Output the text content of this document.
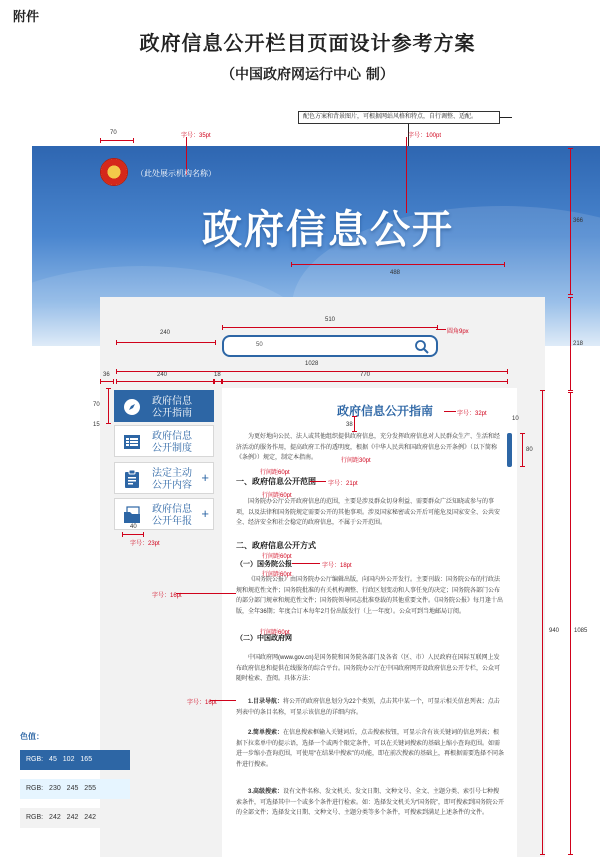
附件
政府信息公开栏目页面设计参考方案
（中国政府网运行中心 制）
配色方案和背景图片，可根据网站风格和特点，自行调整、适配。
（此处展示机构名称）
政府信息公开
50
政府信息公开指南
政府信息公开制度
法定主动公开内容
+
政府信息公开年报
+
政府信息公开指南
为更好地向公民、法人或其他组织提供政府信息，充分发挥政府信息对人民群众生产、生活和经济活动的服务作用，提高政府工作的透明度，根据《中华人民共和国政府信息公开条例》（以下简称《条例》）规定，制定本指南。
一、政府信息公开范围
国务院办公厅公开政府信息的范围，主要是涉及群众切身利益、需要群众广泛知晓或参与的事项，以及法律和国务院规定需要公开的其他事项。涉及国家秘密或公开后可能危及国家安全、公共安全、经济安全和社会稳定的政府信息，不属于公开范围。
二、政府信息公开方式
（一）国务院公报
《国务院公报》由国务院办公厅编辑出版，向国内外公开发行。主要刊载：国务院公布的行政法规和规范性文件；国务院批准的有关机构调整、行政区划变动和人事任免的决定；国务院各部门公布的部分部门规章和规范性文件；国务院领导同志批准登载的其他重要文件。《国务院公报》每月逢十出版，全年36期；年度合订本每年2月份出版发行（上一年度）。公众可到当地邮局订阅。
（二）中国政府网
中国政府网(www.gov.cn)是国务院和国务院各部门及各省（区、市）人民政府在国际互联网上发布政府信息和提供在线服务的综合平台。国务院办公厅在中国政府网开设政府信息公开专栏，公众可随时检索、查阅。具体方法：
1.目录导航：将公开的政府信息划分为22个类别，点击其中某一个，可显示相关信息列表；点击列表中的条目名称，可显示该信息的详细内容。
2.简单搜索：在信息搜索框输入关键词后，点击搜索按钮，可显示含有该关键词的信息列表；根据下拉菜单中的提示语，选择一个或两个限定条件，可以在关键词搜索的基础上缩小查询范围。如需进一步缩小查询范围，可使用“在结果中搜索”的功能，即在前次搜索的基础上，再根据需要选择不同条件进行搜索。
3.高级搜索：设有文件名称、发文机关、发文日期、文种文号、全文、主题分类、索引号七种搜索条件，可选择其中一个或多个条件进行检索。如：选择发文机关为“国务院”，即可搜索到国务院公开的全部文件；选择发文日期、文种文号、主题分类等多个条件，可搜索到满足上述条件的文件。
字号：35pt	字号：100pt
行间距30pt
圆角9px
字号：32pt
字号：21pt
字号：18pt
字号：23pt
字号：16pt
字号：16pt
行间距60pt
行间距60pt
行间距60pt
行间距60pt
行间距60pt
70
488
366
218
240
510
1028
36	240	18	770
70
15	38
10
80
940 1085
40
色值：
RGB: 45 102 165
RGB: 230 245 255
RGB: 242 242 242
